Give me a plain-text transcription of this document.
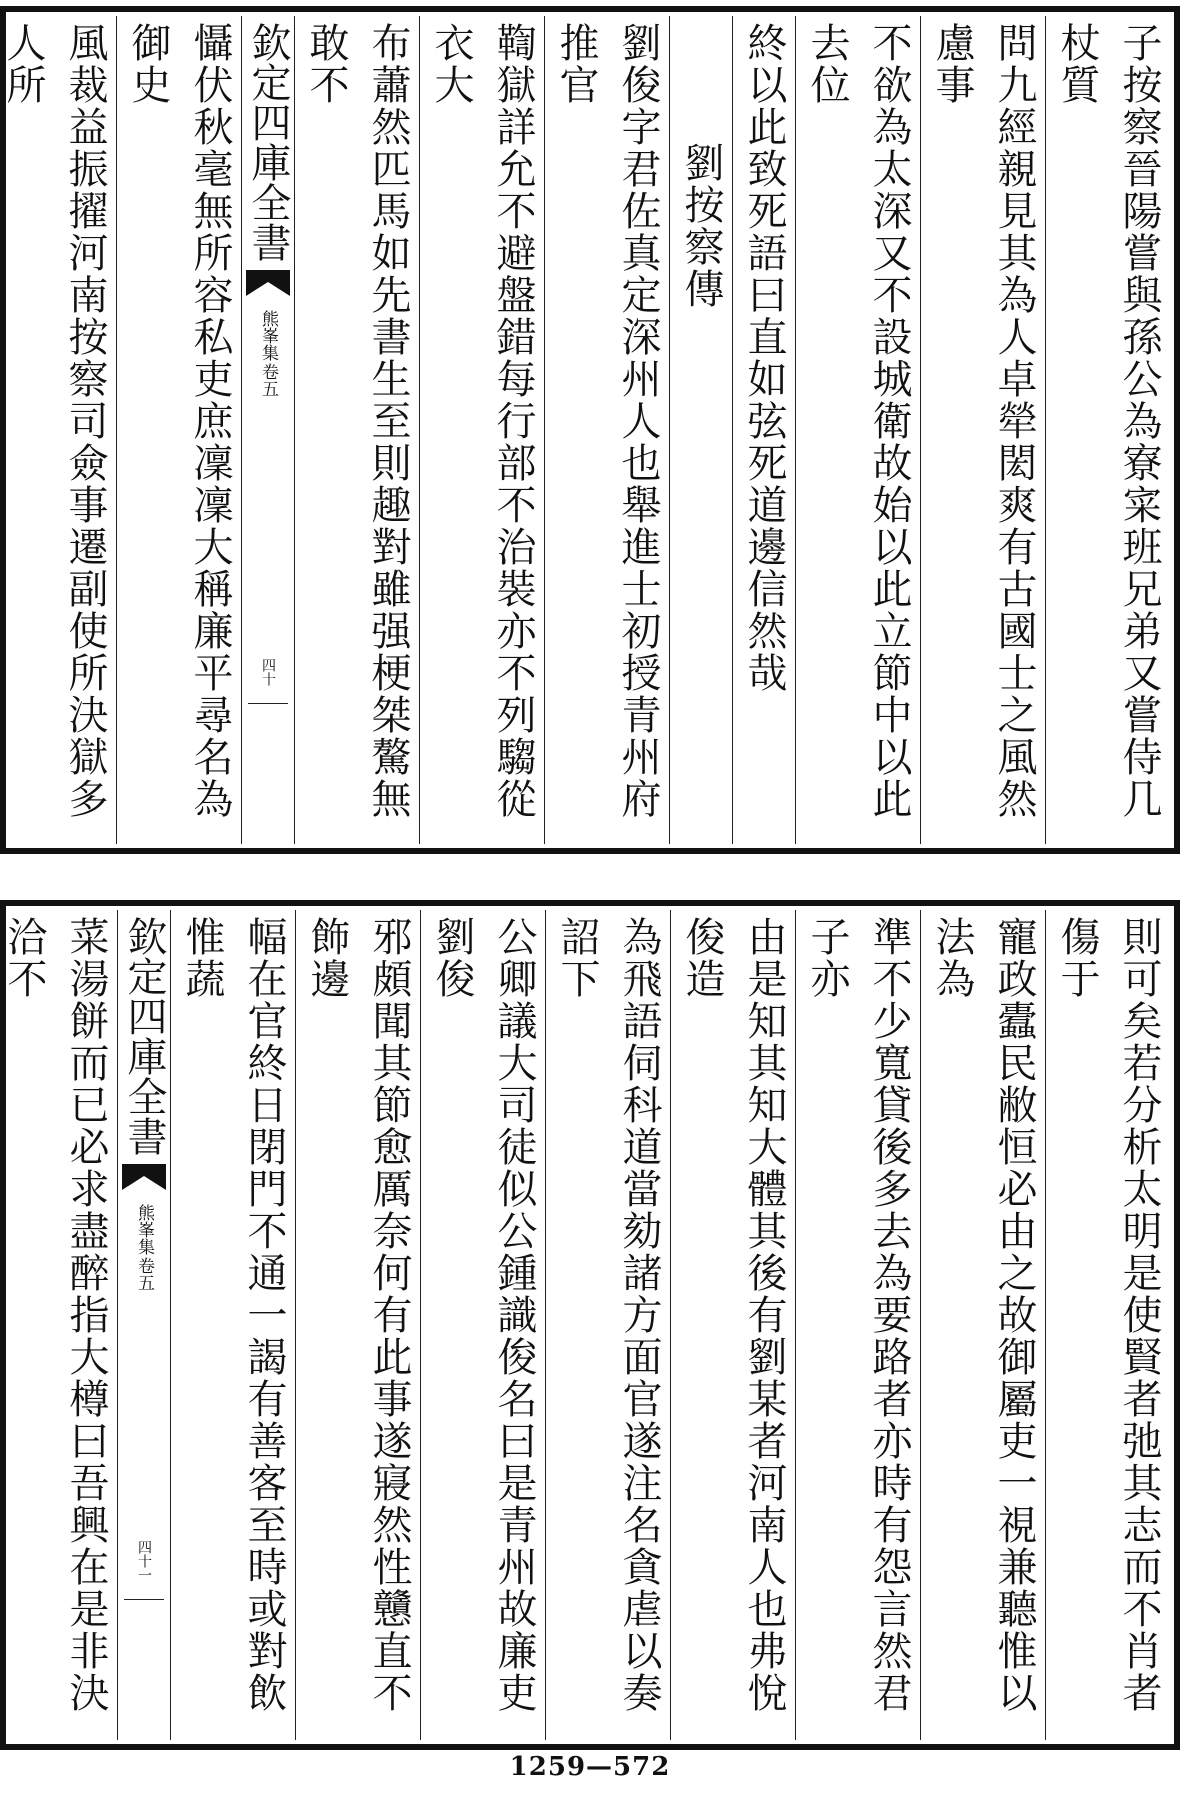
子按察晉陽嘗與孫公為寮寀班兄弟又嘗侍几杖質
問九經親見其為人卓犖閎爽有古國士之風然慮事
不欲為太深又不設城衛故始以此立節中以此去位
終以此致死語曰直如弦死道邊信然哉
劉按察傳
劉俊字君佐真定深州人也舉進士初授青州府推官
鞫獄詳允不避盤錯每行部不治裝亦不列騶從衣大
布蕭然匹馬如先書生至則趣對雖强梗桀驁無敢不
欽定四庫全書
熊峯集
卷五
四十
懾伏秋毫無所容私吏庶凜凜大稱廉平尋名為御史
風裁益振擢河南按察司僉事遷副使所決獄多人所
則可矣若分析太明是使賢者弛其志而不肖者傷于
寵政蠹民敝恒必由之故御屬吏一視兼聽惟以法為
準不少寬貸後多去為要路者亦時有怨言然君子亦
由是知其知大體其後有劉某者河南人也弗悅俊造
為飛語伺科道當劾諸方面官遂注名貪虐以奏詔下
公卿議大司徒似公鍾識俊名曰是青州故廉吏劉俊
邪頗聞其節愈厲奈何有此事遂寢然性戇直不飾邊
幅在官終日閉門不通一謁有善客至時或對飲惟蔬
欽定四庫全書
熊峯集
卷五
四十一
菜湯餅而已必求盡醉指大樽曰吾興在是非決洽不
1259—572
